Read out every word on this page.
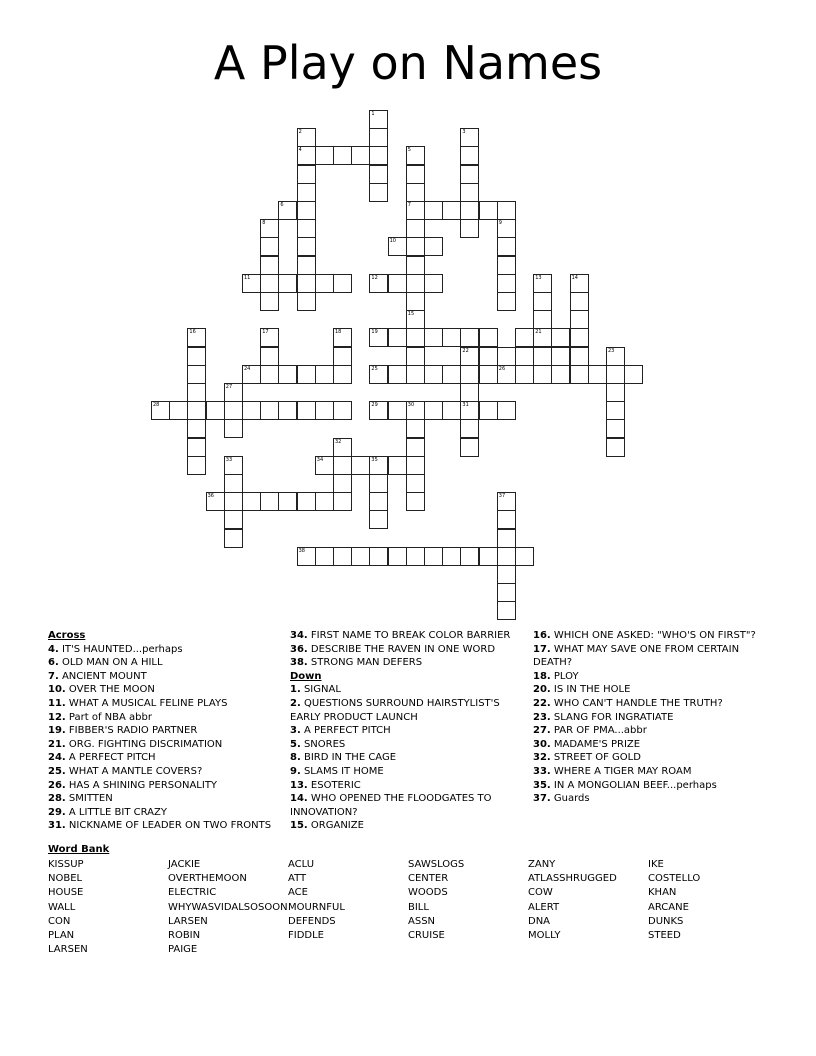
A Play on Names
4
6	7
10
11	12
19	21
22
24	25	26
28	29	30	31
34	35
36
38
1
2	3
5
8	9
13	14
15
16	17	18
23
27
32
33
37
Across
4. IT'S HAUNTED...perhaps
6. OLD MAN ON A HILL
7. ANCIENT MOUNT
10. OVER THE MOON
11. WHAT A MUSICAL FELINE PLAYS
12. Part of NBA abbr
19. FIBBER'S RADIO PARTNER
21. ORG. FIGHTING DISCRIMATION
24. A PERFECT PITCH
25. WHAT A MANTLE COVERS?
26. HAS A SHINING PERSONALITY
28. SMITTEN
29. A LITTLE BIT CRAZY
31. NICKNAME OF LEADER ON TWO FRONTS
34. FIRST NAME TO BREAK COLOR BARRIER
36. DESCRIBE THE RAVEN IN ONE WORD
38. STRONG MAN DEFERS
Down
1. SIGNAL
2. QUESTIONS SURROUND HAIRSTYLIST'S EARLY PRODUCT LAUNCH
3. A PERFECT PITCH
5. SNORES
8. BIRD IN THE CAGE
9. SLAMS IT HOME
13. ESOTERIC
14. WHO OPENED THE FLOODGATES TO INNOVATION?
15. ORGANIZE
16. WHICH ONE ASKED: "WHO'S ON FIRST"?
17. WHAT MAY SAVE ONE FROM CERTAIN DEATH?
18. PLOY
20. IS IN THE HOLE
22. WHO CAN'T HANDLE THE TRUTH?
23. SLANG FOR INGRATIATE
27. PAR OF PMA...abbr
30. MADAME'S PRIZE
32. STREET OF GOLD
33. WHERE A TIGER MAY ROAM
35. IN A MONGOLIAN BEEF...perhaps
37. Guards
Word Bank
KISSUP
NOBEL
HOUSE
WALL
CON
PLAN
LARSEN
JACKIE
OVERTHEMOON
ELECTRIC
WHYWASVIDALSOSOON
LARSEN
ROBIN
PAIGE
ACLU
ATT
ACE
MOURNFUL
DEFENDS
FIDDLE
SAWSLOGS
CENTER
WOODS
BILL
ASSN
CRUISE
ZANY
ATLASSHRUGGED
COW
ALERT
DNA
MOLLY
IKE
COSTELLO
KHAN
ARCANE
DUNKS
STEED
